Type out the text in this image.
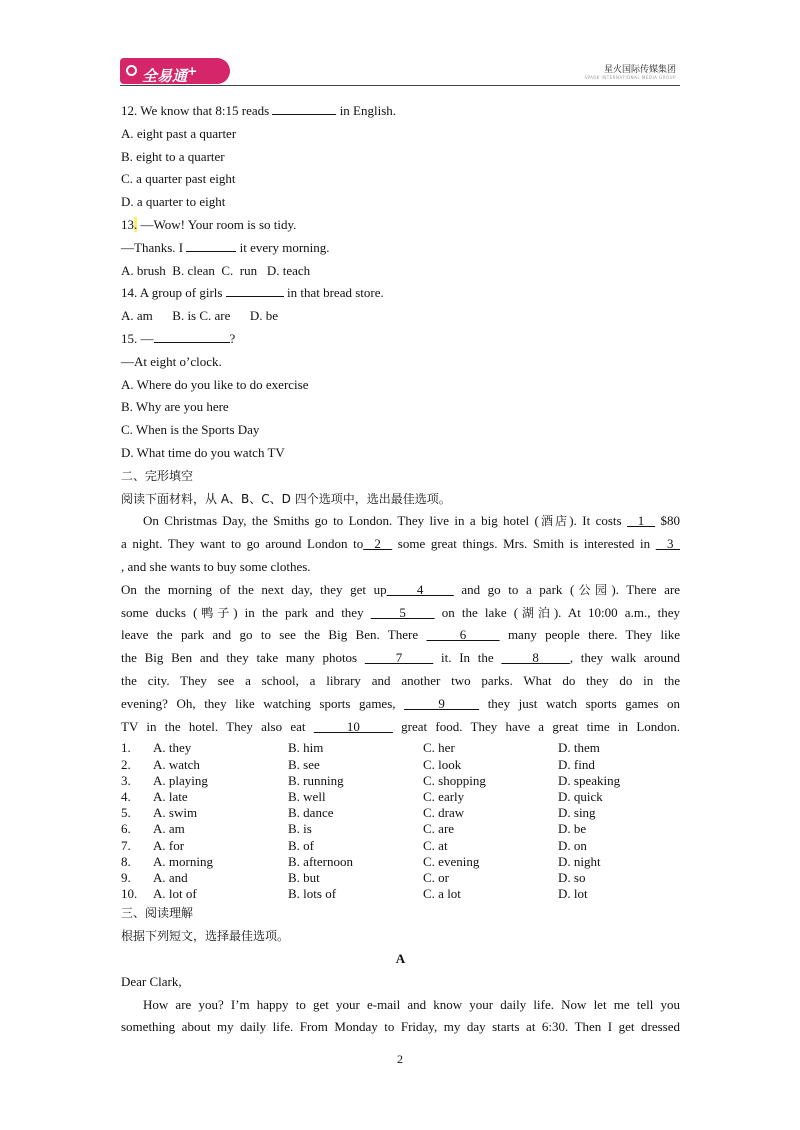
全易通+	星火国际传媒集团
SPARK INTERNATIONAL MEDIA GROUP
12. We know that 8:15 reads	in English.
A. eight past a quarter
B. eight to a quarter
C. a quarter past eight
D. a quarter to eight
13. —Wow! Your room is so tidy.
—Thanks. I	it every morning.
A. brush  B. clean  C.  run   D. teach
14. A group of girls	in that bread store.
A. am      B. is C. are      D. be
15. —	?
—At eight o’clock.
A. Where do you like to do exercise
B. Why are you here
C. When is the Sports Day
D. What time do you watch TV
二、完形填空
阅读下面材料，从 A、B、C、D 四个选项中，选出最佳选项。
On Christmas Day, the Smiths go to London. They live in a big hotel (酒店). It costs   1   $80
a night. They want to go around London to  2   some great things. Mrs. Smith is interested in   3
, and she wants to buy some clothes.
On the morning of the next day, they get up    4     and go to a park (公园). There are
some ducks (鸭子) in the park and they     5     on the lake (湖泊). At 10:00 a.m., they
leave the park and go to see the Big Ben. There     6     many people there. They like
the Big Ben and they take many photos     7     it. In the     8    , they walk around
the city. They see a school, a library and another two parks. What do they do in the
evening? Oh, they like watching sports games,     9     they just watch sports games on
TV in the hotel. They also eat     10     great food. They have a great time in London.
1.	A. they	B. him	C. her	D. them
2.	A. watch	B. see	C. look	D. find
3.	A. playing	B. running	C. shopping	D. speaking
4.	A. late	B. well	C. early	D. quick
5.	A. swim	B. dance	C. draw	D. sing
6.	A. am	B. is	C. are	D. be
7.	A. for	B. of	C. at	D. on
8.	A. morning	B. afternoon	C. evening	D. night
9.	A. and	B. but	C. or	D. so
10.	A. lot of	B. lots of	C. a lot	D. lot
三、阅读理解
根据下列短文，选择最佳选项。
A
Dear Clark,
How are you? I’m happy to get your e-mail and know your daily life. Now let me tell you
something about my daily life. From Monday to Friday, my day starts at 6:30. Then I get dressed
2
